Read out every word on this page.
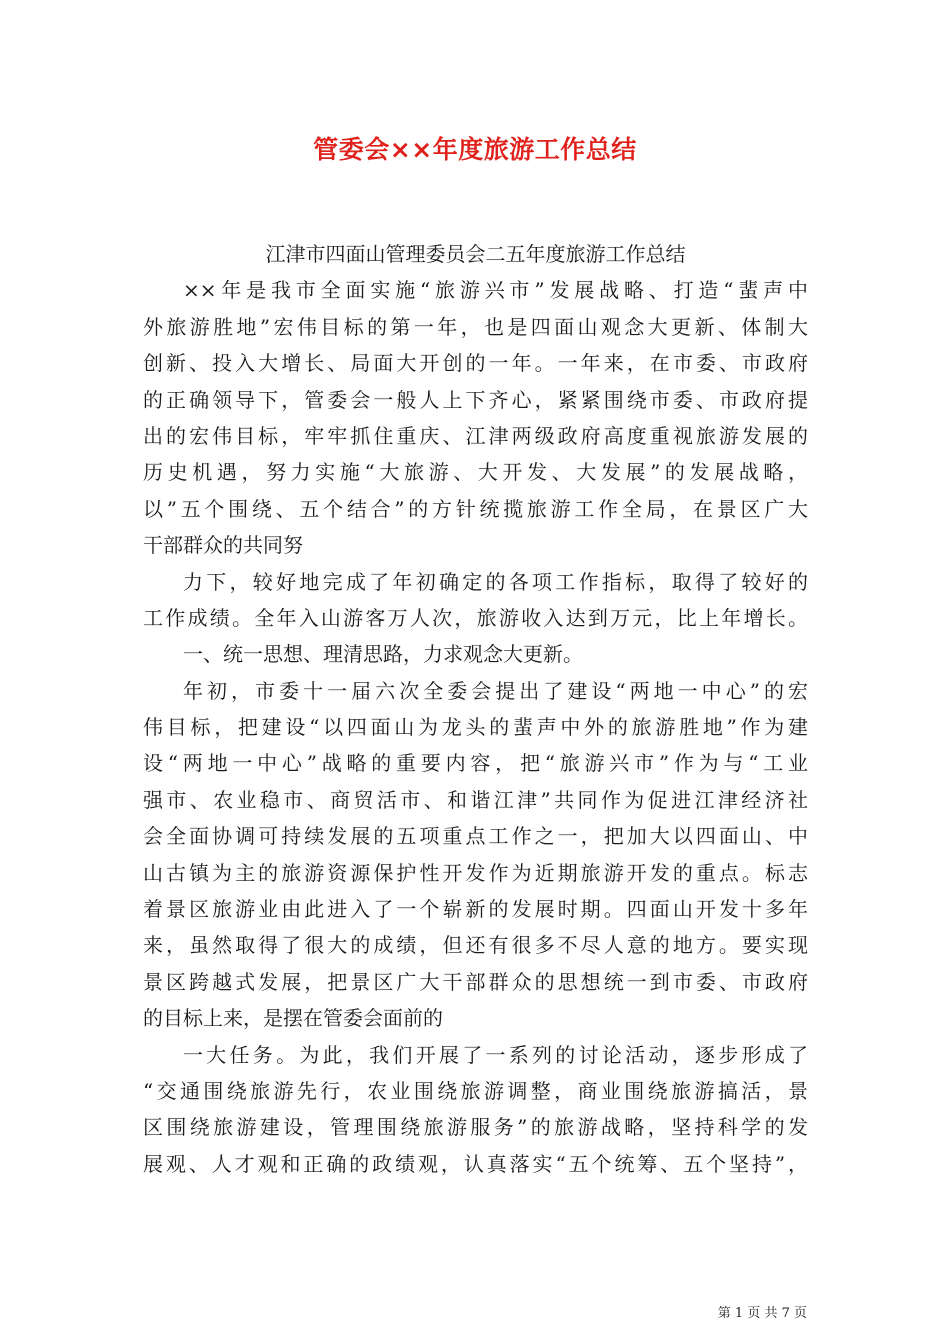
管委会××年度旅游工作总结
江津市四面山管理委员会二五年度旅游工作总结
××年是我市全面实施“旅游兴市”发展战略、打造“蜚声中
外旅游胜地”宏伟目标的第一年，也是四面山观念大更新、体制大
创新、投入大增长、局面大开创的一年。一年来，在市委、市政府
的正确领导下，管委会一般人上下齐心，紧紧围绕市委、市政府提
出的宏伟目标，牢牢抓住重庆、江津两级政府高度重视旅游发展的
历史机遇，努力实施“大旅游、大开发、大发展”的发展战略，
以”五个围绕、五个结合”的方针统揽旅游工作全局，在景区广大
干部群众的共同努
力下，较好地完成了年初确定的各项工作指标，取得了较好的
工作成绩。全年入山游客万人次，旅游收入达到万元，比上年增长。
一、统一思想、理清思路，力求观念大更新。
年初，市委十一届六次全委会提出了建设“两地一中心”的宏
伟目标，把建设“以四面山为龙头的蜚声中外的旅游胜地”作为建
设“两地一中心”战略的重要内容，把“旅游兴市”作为与“工业
强市、农业稳市、商贸活市、和谐江津”共同作为促进江津经济社
会全面协调可持续发展的五项重点工作之一，把加大以四面山、中
山古镇为主的旅游资源保护性开发作为近期旅游开发的重点。标志
着景区旅游业由此进入了一个崭新的发展时期。四面山开发十多年
来，虽然取得了很大的成绩，但还有很多不尽人意的地方。要实现
景区跨越式发展，把景区广大干部群众的思想统一到市委、市政府
的目标上来，是摆在管委会面前的
一大任务。为此，我们开展了一系列的讨论活动，逐步形成了
“交通围绕旅游先行，农业围绕旅游调整，商业围绕旅游搞活，景
区围绕旅游建设，管理围绕旅游服务”的旅游战略，坚持科学的发
展观、人才观和正确的政绩观，认真落实“五个统筹、五个坚持”，
第 1 页 共 7 页
